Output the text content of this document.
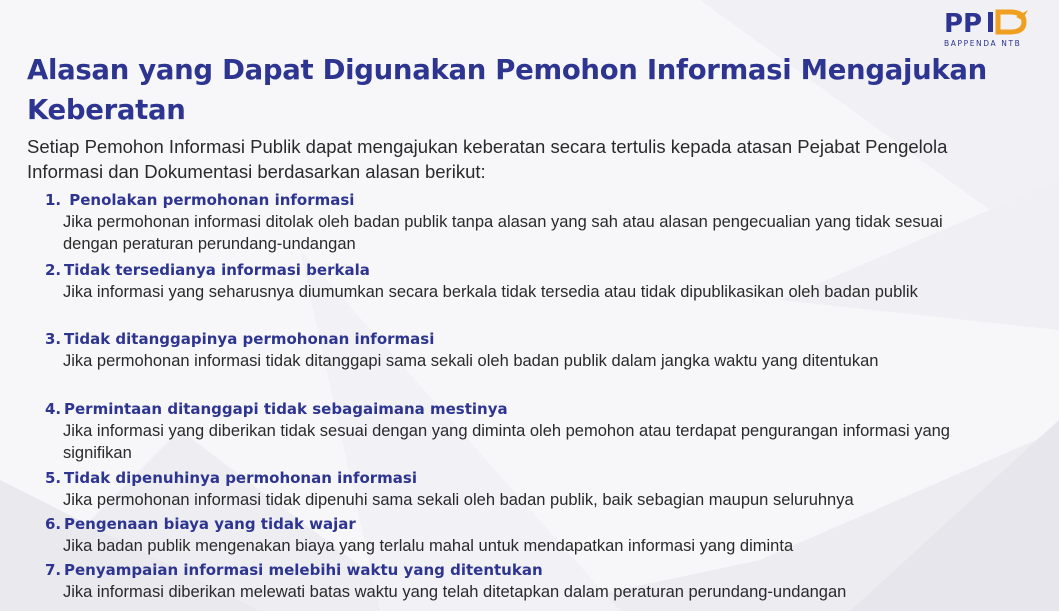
PP
BAPPENDA NTB
Alasan yang Dapat Digunakan Pemohon Informasi Mengajukan Keberatan

Setiap Pemohon Informasi Publik dapat mengajukan keberatan secara tertulis kepada atasan Pejabat Pengelola Informasi dan Dokumentasi berdasarkan alasan berikut:

1. Penolakan permohonan informasi
Jika permohonan informasi ditolak oleh badan publik tanpa alasan yang sah atau alasan pengecualian yang tidak sesuai dengan peraturan perundang-undangan
2. Tidak tersedianya informasi berkala
Jika informasi yang seharusnya diumumkan secara berkala tidak tersedia atau tidak dipublikasikan oleh badan publik
3. Tidak ditanggapinya permohonan informasi
Jika permohonan informasi tidak ditanggapi sama sekali oleh badan publik dalam jangka waktu yang ditentukan
4. Permintaan ditanggapi tidak sebagaimana mestinya
Jika informasi yang diberikan tidak sesuai dengan yang diminta oleh pemohon atau terdapat pengurangan informasi yang signifikan
5. Tidak dipenuhinya permohonan informasi
Jika permohonan informasi tidak dipenuhi sama sekali oleh badan publik, baik sebagian maupun seluruhnya
6. Pengenaan biaya yang tidak wajar
Jika badan publik mengenakan biaya yang terlalu mahal untuk mendapatkan informasi yang diminta
7. Penyampaian informasi melebihi waktu yang ditentukan
Jika informasi diberikan melewati batas waktu yang telah ditetapkan dalam peraturan perundang-undangan
